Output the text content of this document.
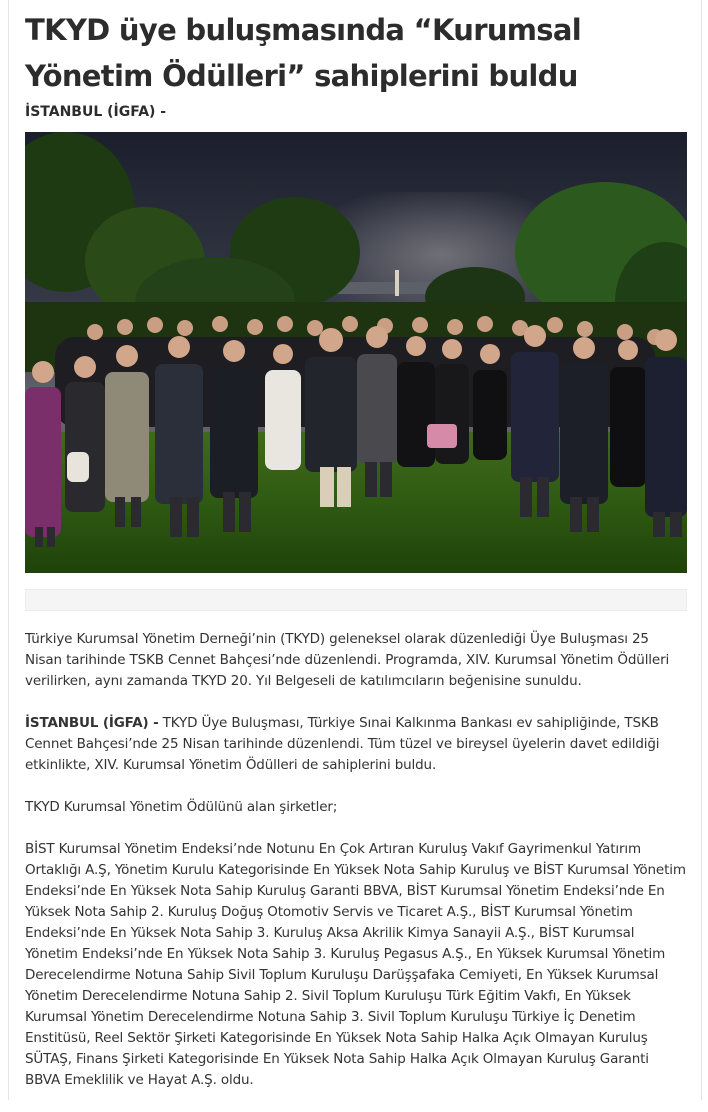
TKYD üye buluşmasında “Kurumsal Yönetim Ödülleri” sahiplerini buldu
İSTANBUL (İGFA) -

Türkiye Kurumsal Yönetim Derneği’nin (TKYD) geleneksel olarak düzenlediği Üye Buluşması 25 Nisan tarihinde TSKB Cennet Bahçesi’nde düzenlendi. Programda, XIV. Kurumsal Yönetim Ödülleri verilirken, aynı zamanda TKYD 20. Yıl Belgeseli de katılımcıların beğenisine sunuldu.

İSTANBUL (İGFA) - TKYD Üye Buluşması, Türkiye Sınai Kalkınma Bankası ev sahipliğinde, TSKB Cennet Bahçesi’nde 25 Nisan tarihinde düzenlendi. Tüm tüzel ve bireysel üyelerin davet edildiği etkinlikte, XIV. Kurumsal Yönetim Ödülleri de sahiplerini buldu.

TKYD Kurumsal Yönetim Ödülünü alan şirketler;

BİST Kurumsal Yönetim Endeksi’nde Notunu En Çok Artıran Kuruluş Vakıf Gayrimenkul Yatırım Ortaklığı A.Ş, Yönetim Kurulu Kategorisinde En Yüksek Nota Sahip Kuruluş ve BİST Kurumsal Yönetim Endeksi’nde En Yüksek Nota Sahip Kuruluş Garanti BBVA, BİST Kurumsal Yönetim Endeksi’nde En Yüksek Nota Sahip 2. Kuruluş Doğuş Otomotiv Servis ve Ticaret A.Ş., BİST Kurumsal Yönetim Endeksi’nde En Yüksek Nota Sahip 3. Kuruluş Aksa Akrilik Kimya Sanayii A.Ş., BİST Kurumsal Yönetim Endeksi’nde En Yüksek Nota Sahip 3. Kuruluş Pegasus A.Ş., En Yüksek Kurumsal Yönetim Derecelendirme Notuna Sahip Sivil Toplum Kuruluşu Darüşşafaka Cemiyeti, En Yüksek Kurumsal Yönetim Derecelendirme Notuna Sahip 2. Sivil Toplum Kuruluşu Türk Eğitim Vakfı, En Yüksek Kurumsal Yönetim Derecelendirme Notuna Sahip 3. Sivil Toplum Kuruluşu Türkiye İç Denetim Enstitüsü, Reel Sektör Şirketi Kategorisinde En Yüksek Nota Sahip Halka Açık Olmayan Kuruluş SÜTAŞ, Finans Şirketi Kategorisinde En Yüksek Nota Sahip Halka Açık Olmayan Kuruluş Garanti BBVA Emeklilik ve Hayat A.Ş. oldu.
